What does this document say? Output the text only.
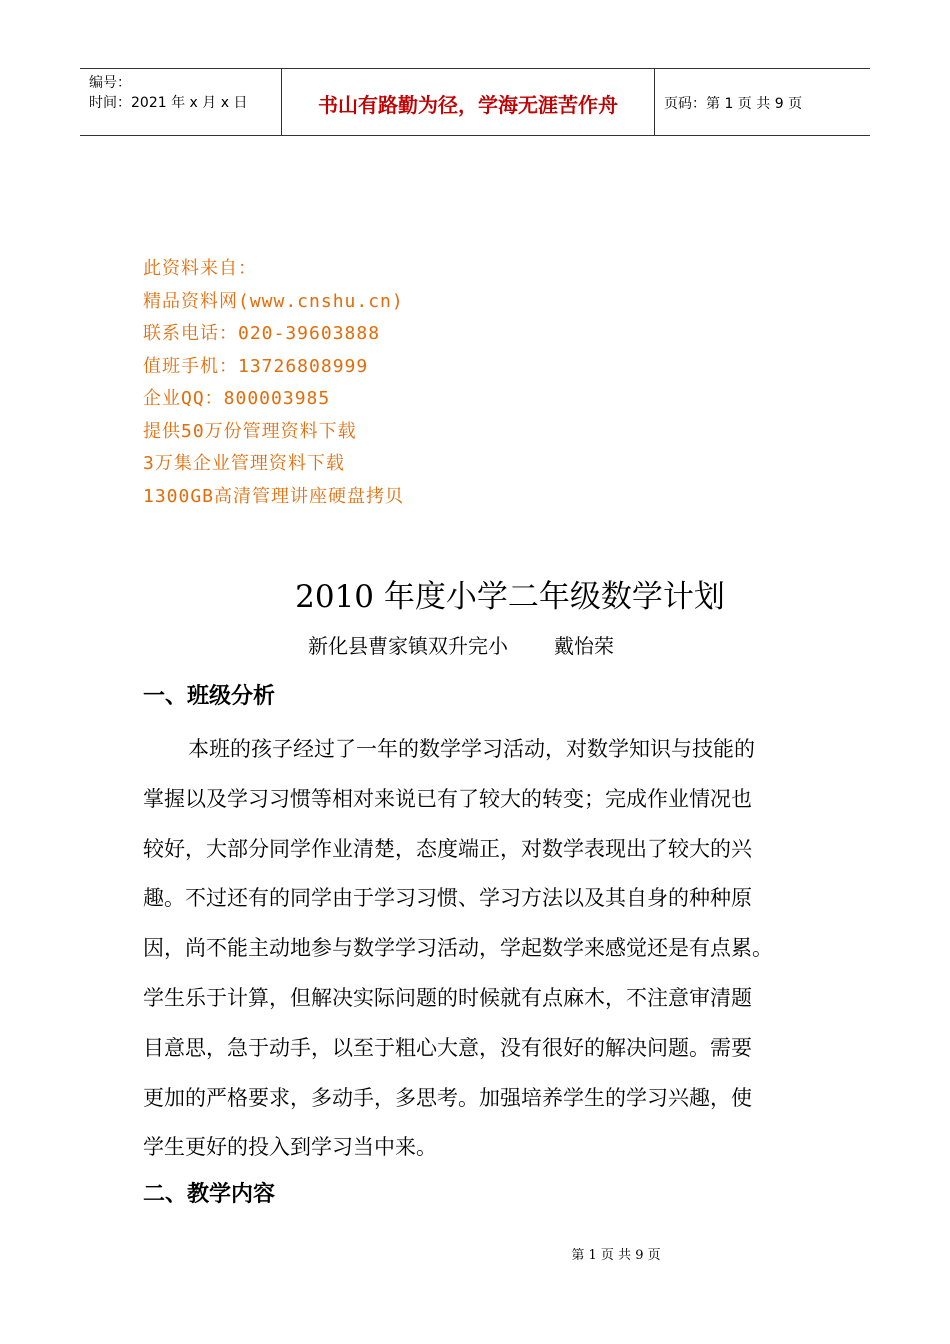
编号：
时间：2021 年 x 月 x 日	书山有路勤为径，学海无涯苦作舟	页码：第 1 页 共 9 页
此资料来自：
精品资料网(www.cnshu.cn)
联系电话：020-39603888
值班手机：13726808999
企业QQ：800003985
提供50万份管理资料下载
3万集企业管理资料下载
1300GB高清管理讲座硬盘拷贝
2010 年度小学二年级数学计划
新化县曹家镇双升完小 戴怡荣
一、班级分析
本班的孩子经过了一年的数学学习活动，对数学知识与技能的
掌握以及学习习惯等相对来说已有了较大的转变；完成作业情况也
较好，大部分同学作业清楚，态度端正，对数学表现出了较大的兴
趣。不过还有的同学由于学习习惯、学习方法以及其自身的种种原
因，尚不能主动地参与数学学习活动，学起数学来感觉还是有点累。
学生乐于计算，但解决实际问题的时候就有点麻木，不注意审清题
目意思，急于动手，以至于粗心大意，没有很好的解决问题。需要
更加的严格要求，多动手，多思考。加强培养学生的学习兴趣，使
学生更好的投入到学习当中来。
二、教学内容
第 1 页 共 9 页
